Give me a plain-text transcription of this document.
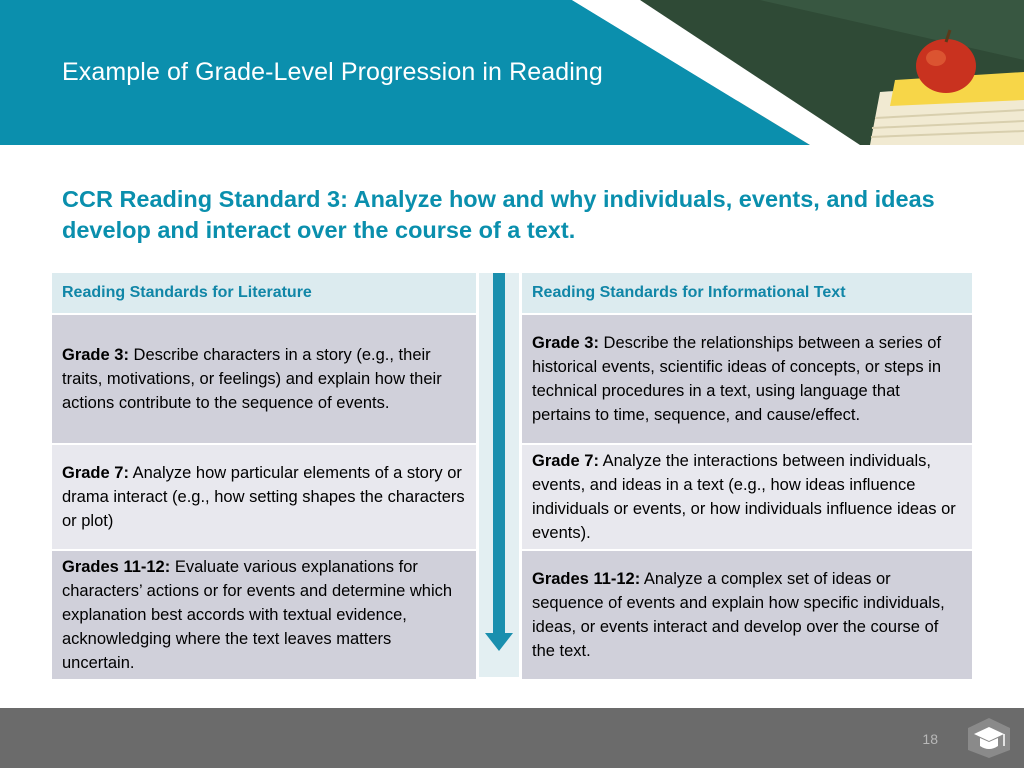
Example of Grade-Level Progression in Reading
CCR Reading Standard 3: Analyze how and why individuals, events, and ideas develop and interact over the course of a text.
Reading Standards for Literature
Grade 3: Describe characters in a story (e.g., their traits, motivations, or feelings) and explain how their actions contribute to the sequence of events.
Grade 7: Analyze how particular elements of a story or drama interact (e.g., how setting shapes the characters or plot)
Grades 11-12: Evaluate various explanations for characters’ actions or for events and determine which explanation best accords with textual evidence, acknowledging where the text leaves matters uncertain.
Reading Standards for Informational Text
Grade 3: Describe the relationships between a series of historical events, scientific ideas of concepts, or steps in technical procedures in a text, using language that pertains to time, sequence, and cause/effect.
Grade 7: Analyze the interactions between individuals, events, and ideas in a text (e.g., how ideas influence individuals or events, or how individuals influence ideas or events).
Grades 11-12: Analyze a complex set of ideas or sequence of events and explain how specific individuals, ideas, or events interact and develop over the course of the text.
18
